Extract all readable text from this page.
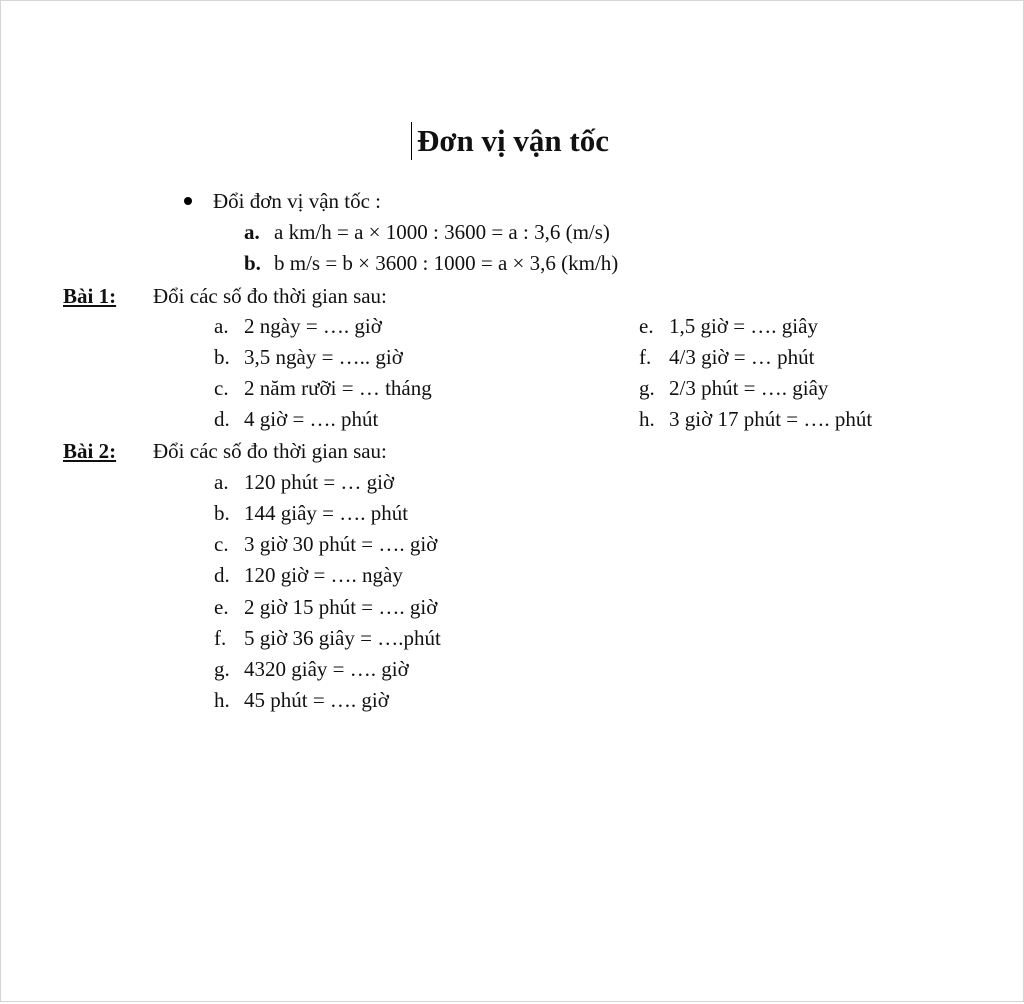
Đơn vị vận tốc
Đổi đơn vị vận tốc :
a. a km/h = a × 1000 : 3600 = a : 3,6 (m/s)
b. b m/s = b × 3600 : 1000 = a × 3,6 (km/h)
Bài 1: Đổi các số đo thời gian sau:
a. 2 ngày = …. giờ
b. 3,5 ngày = ….. giờ
c. 2 năm rưỡi = … tháng
d. 4 giờ = …. phút
e. 1,5 giờ = …. giây
f. 4/3 giờ = … phút
g. 2/3 phút = …. giây
h. 3 giờ 17 phút = …. phút
Bài 2: Đổi các số đo thời gian sau:
a. 120 phút = … giờ
b. 144 giây = …. phút
c. 3 giờ 30 phút = …. giờ
d. 120 giờ = …. ngày
e. 2 giờ 15 phút = …. giờ
f. 5 giờ 36 giây = ….phút
g. 4320 giây = …. giờ
h. 45 phút = …. giờ
